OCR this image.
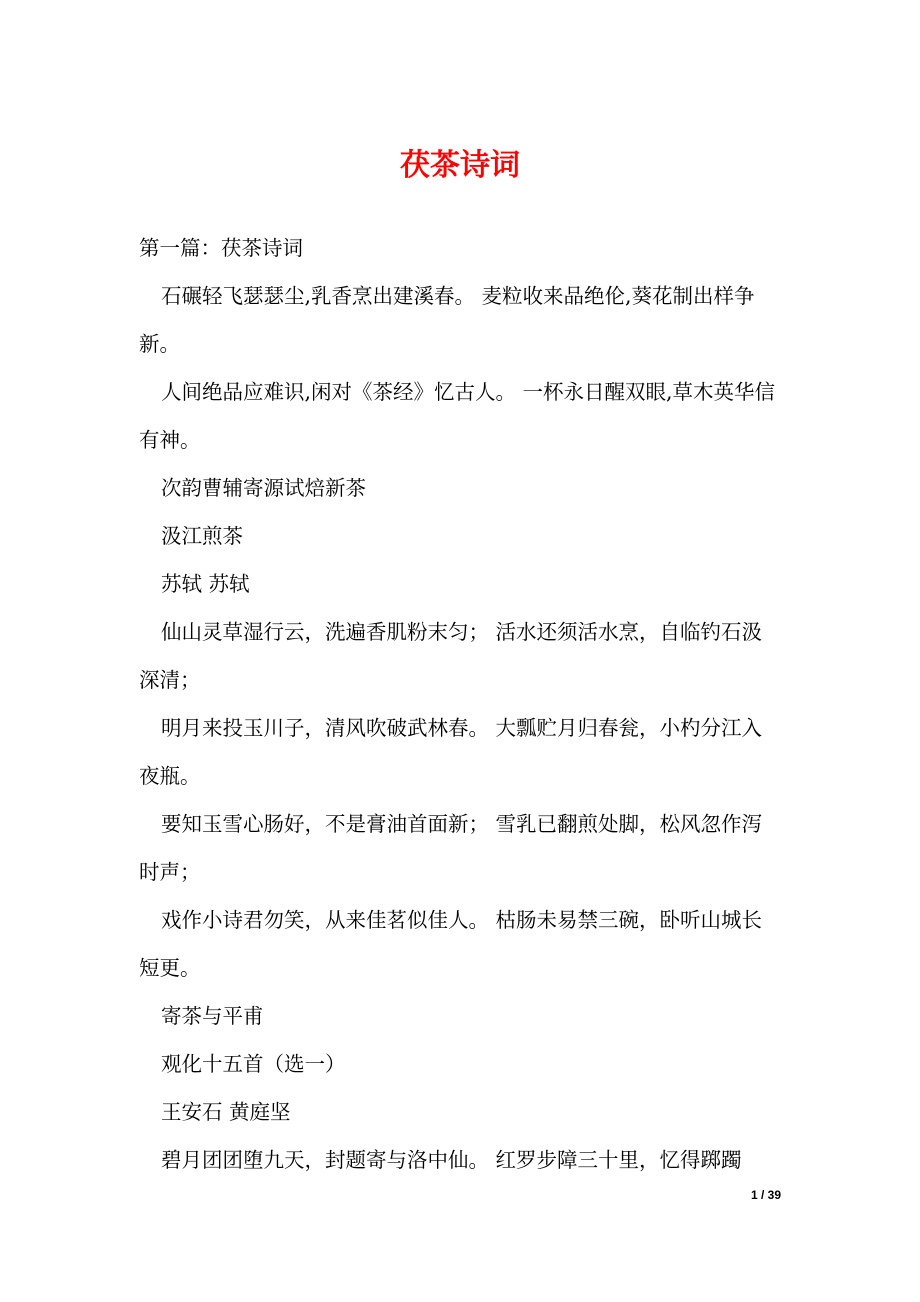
茯茶诗词

第一篇：茯茶诗词

石碾轻飞瑟瑟尘,乳香烹出建溪春。 麦粒收来品绝伦,葵花制出样争新。

人间绝品应难识,闲对《茶经》忆古人。 一杯永日醒双眼,草木英华信有神。

次韵曹辅寄源试焙新茶

汲江煎茶

苏轼 苏轼

仙山灵草湿行云，洗遍香肌粉末匀； 活水还须活水烹，自临钓石汲深清；

明月来投玉川子，清风吹破武林春。 大瓢贮月归春瓮，小杓分江入夜瓶。

要知玉雪心肠好，不是膏油首面新； 雪乳已翻煎处脚，松风忽作泻时声；

戏作小诗君勿笑，从来佳茗似佳人。 枯肠未易禁三碗，卧听山城长短更。

寄茶与平甫

观化十五首（选一）

王安石 黄庭坚

碧月团团堕九天，封题寄与洛中仙。 红罗步障三十里，忆得踯躅

1 / 39
